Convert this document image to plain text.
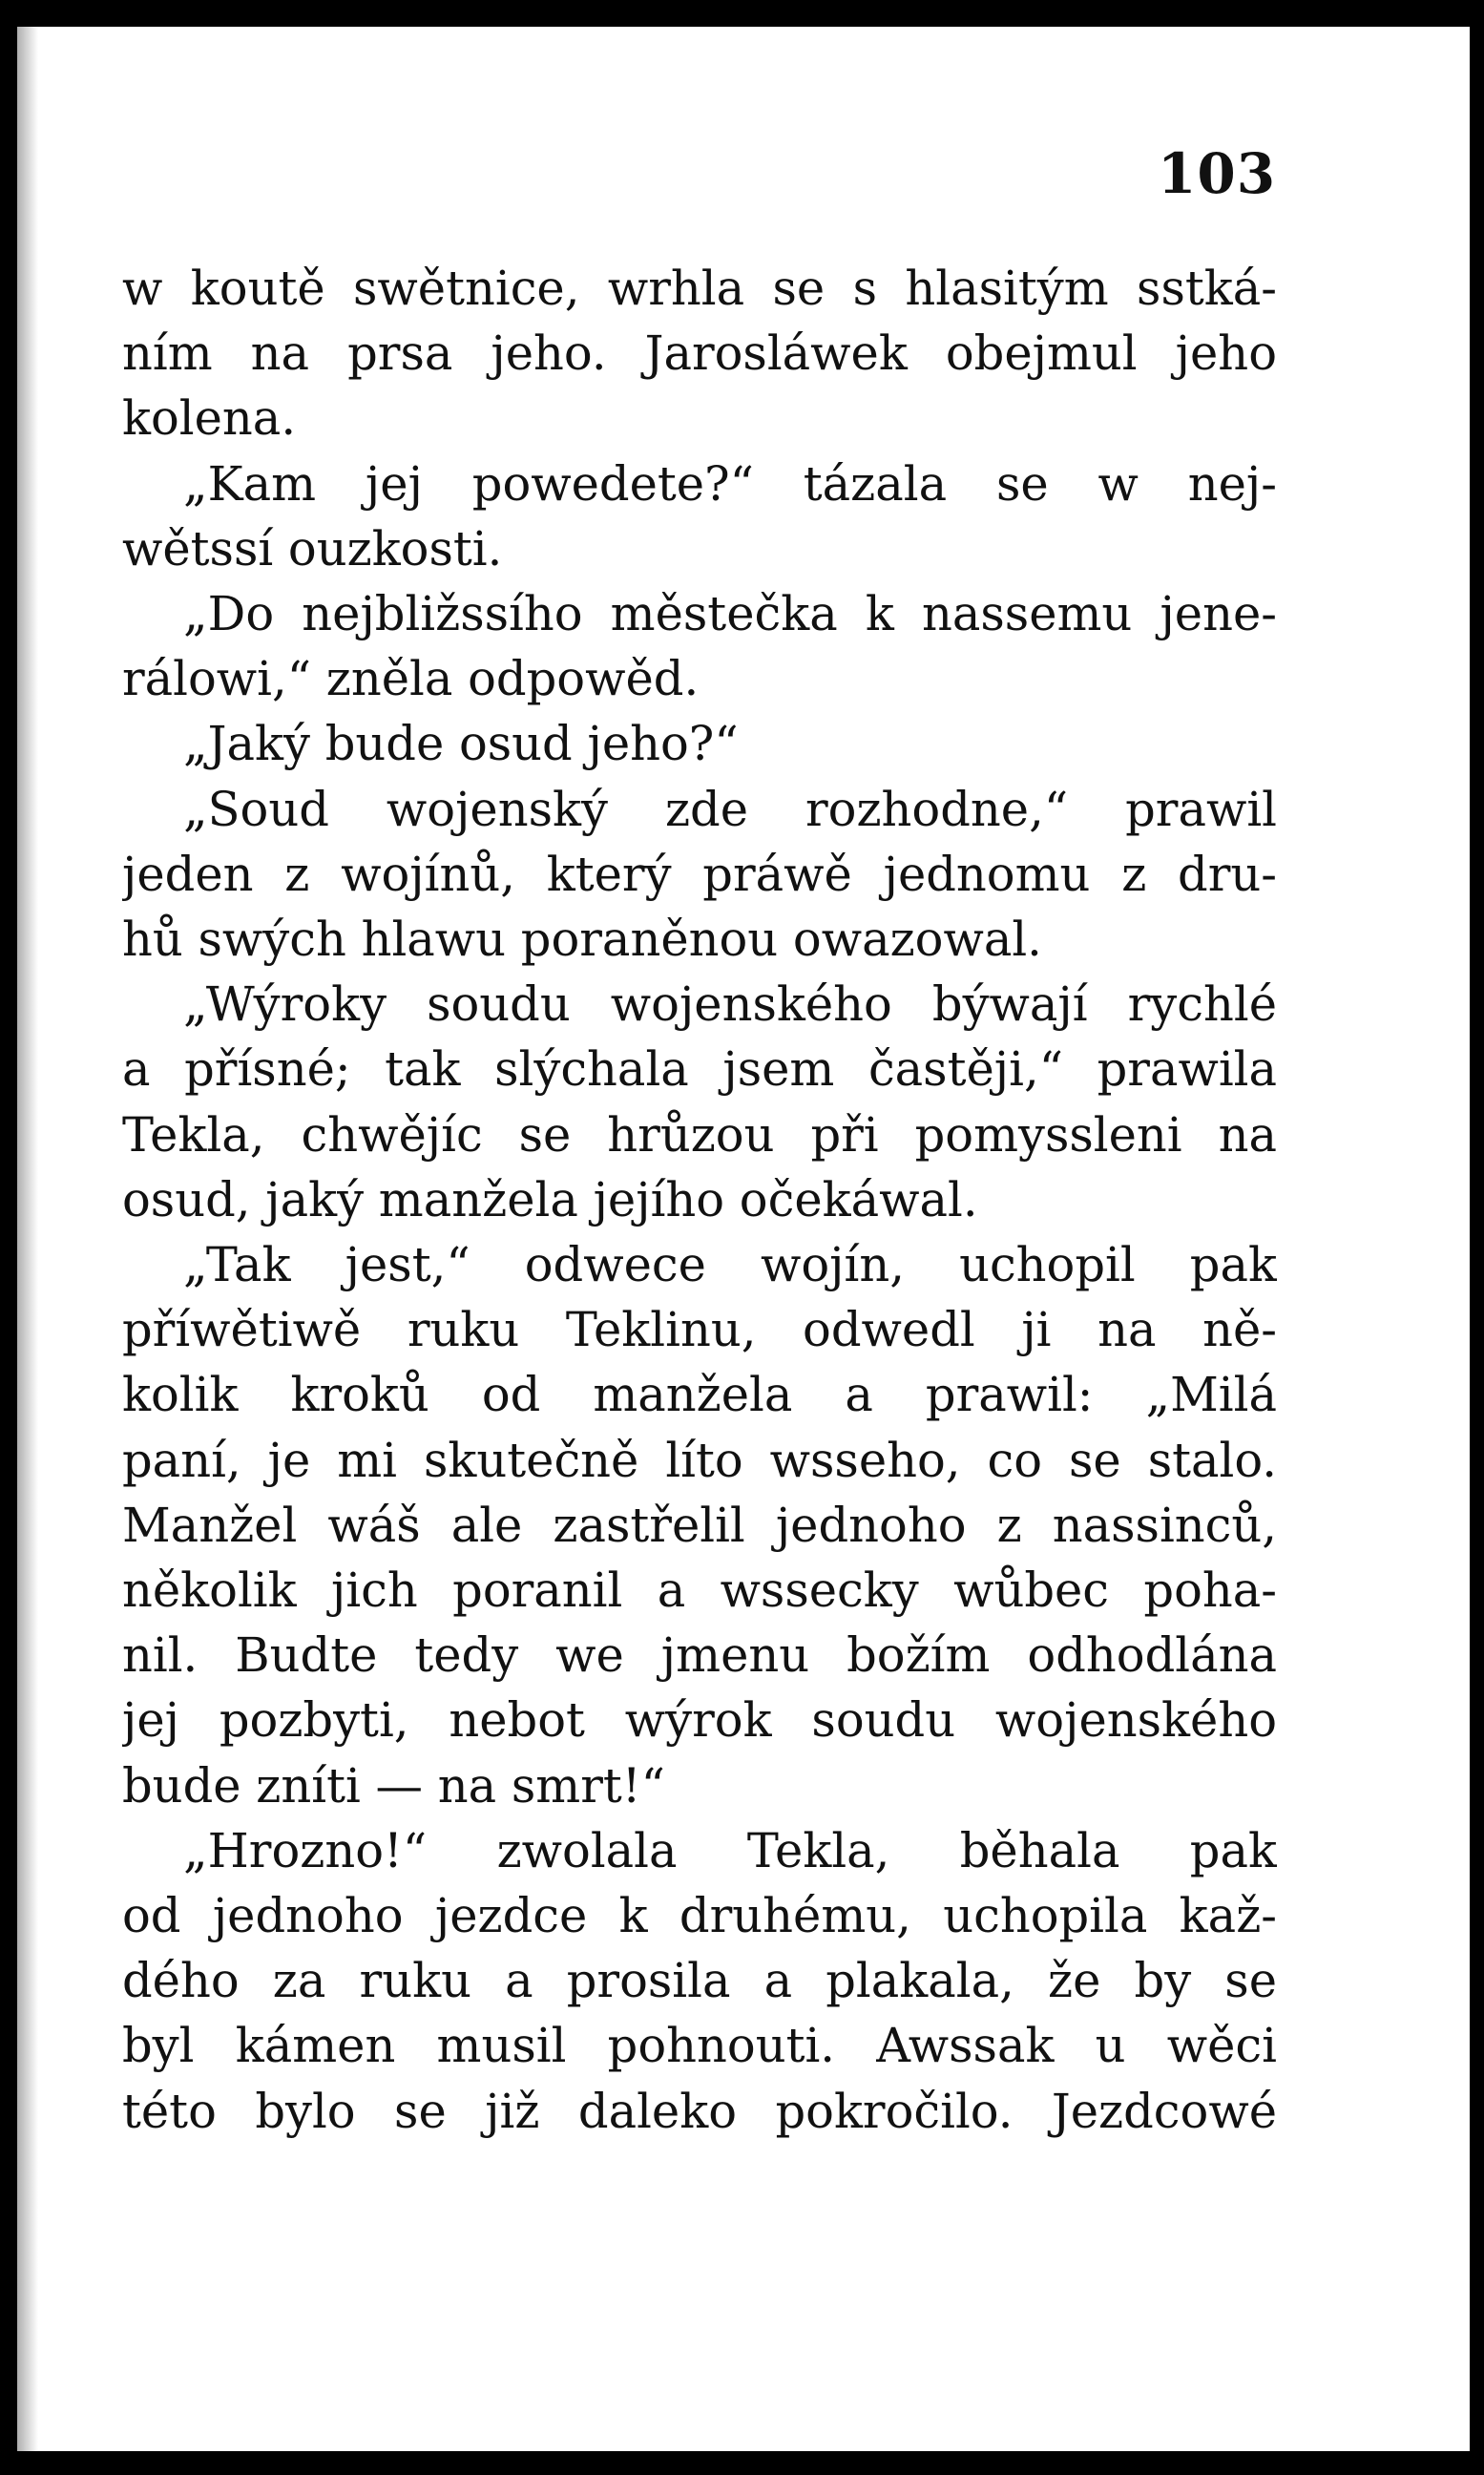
103
w koutě swětnice, wrhla se s hlasitým sstká-
ním na prsa jeho. Jarosláwek obejmul jeho
kolena.
„Kam jej powedete?“ tázala se w nej-
wětssí ouzkosti.
„Do nejbližssího městečka k nassemu jene-
rálowi,“ zněla odpowěd.
„Jaký bude osud jeho?“
„Soud wojenský zde rozhodne,“ prawil
jeden z wojínů, který práwě jednomu z dru-
hů swých hlawu poraněnou owazowal.
„Wýroky soudu wojenského býwají rychlé
a přísné; tak slýchala jsem častěji,“ prawila
Tekla, chwějíc se hrůzou při pomyssleni na
osud, jaký manžela jejího očekáwal.
„Tak jest,“ odwece wojín, uchopil pak
příwětiwě ruku Teklinu, odwedl ji na ně-
kolik kroků od manžela a prawil: „Milá
paní, je mi skutečně líto wsseho, co se stalo.
Manžel wáš ale zastřelil jednoho z nassinců,
několik jich poranil a wssecky wůbec poha-
nil. Budte tedy we jmenu božím odhodlána
jej pozbyti, nebot wýrok soudu wojenského
bude zníti — na smrt!“
„Hrozno!“ zwolala Tekla, běhala pak
od jednoho jezdce k druhému, uchopila kaž-
dého za ruku a prosila a plakala, že by se
byl kámen musil pohnouti. Awssak u wěci
této bylo se již daleko pokročilo. Jezdcowé
